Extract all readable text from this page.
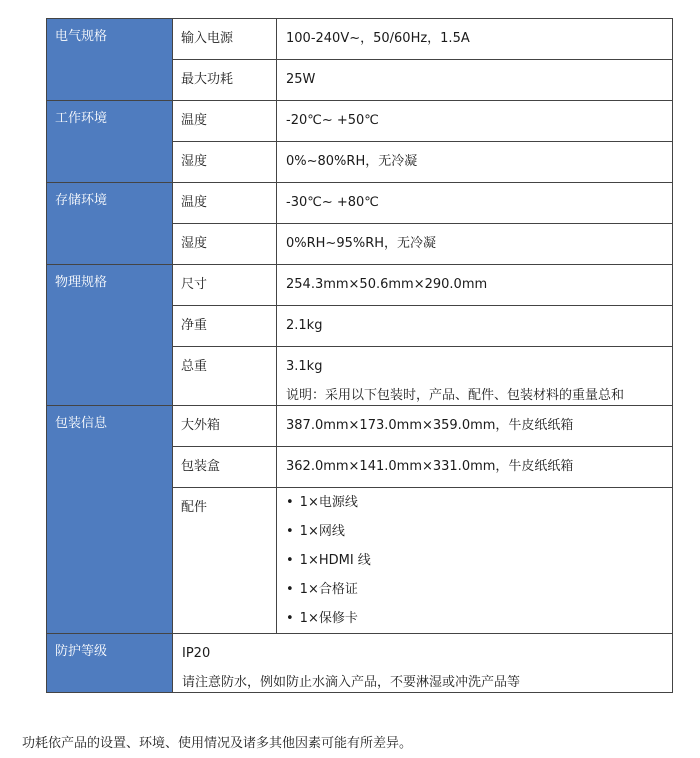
电气规格	输入电源	100-240V~，50/60Hz，1.5A
	最大功耗	25W
工作环境	温度	-20℃~ +50℃
	湿度	0%~80%RH，无冷凝
存储环境	温度	-30℃~ +80℃
	湿度	0%RH~95%RH，无冷凝
物理规格	尺寸	254.3mm×50.6mm×290.0mm
	净重	2.1kg

	总重	3.1kg
说明：采用以下包装时，产品、配件、包装材料的重量总和

包装信息	大外箱	387.0mm×173.0mm×359.0mm，牛皮纸纸箱
	包装盒	362.0mm×141.0mm×331.0mm，牛皮纸纸箱
	配件	• 1×电源线
• 1×网线
• 1×HDMI 线
• 1×合格证
• 1×保修卡

防护等级	IP20
请注意防水，例如防止水滴入产品，不要淋湿或冲洗产品等	
功耗依产品的设置、环境、使用情况及诸多其他因素可能有所差异。
